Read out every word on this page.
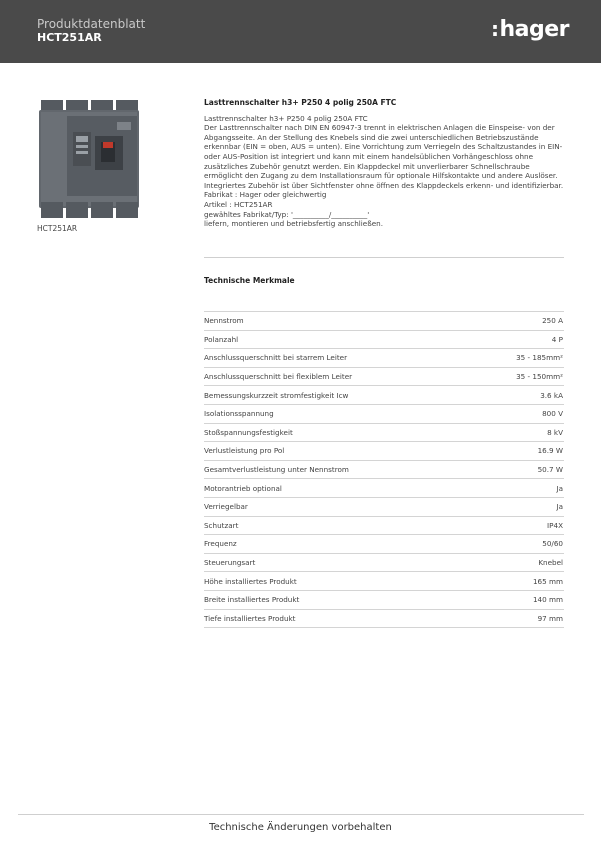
Produktdatenblatt
HCT251AR	:hager
HCT251AR

Lasttrennschalter h3+ P250 4 polig 250A FTC

Lasttrennschalter h3+ P250 4 polig 250A FTC

Der Lasttrennschalter nach DIN EN 60947-3 trennt in elektrischen Anlagen die Einspeise- von der Abgangsseite. An der Stellung des Knebels sind die zwei unterschiedlichen Betriebszustände erkennbar (EIN = oben, AUS = unten). Eine Vorrichtung zum Verriegeln des Schaltzustandes in EIN- oder AUS-Position ist integriert und kann mit einem handelsüblichen Vorhängeschloss ohne zusätzliches Zubehör genutzt werden. Ein Klappdeckel mit unverlierbarer Schnellschraube ermöglicht den Zugang zu dem Installationsraum für optionale Hilfskontakte und andere Auslöser. Integriertes Zubehör ist über Sichtfenster ohne öffnen des Klappdeckels erkenn- und identifizierbar.

Fabrikat : Hager oder gleichwertig

Artikel : HCT251AR

gewähltes Fabrikat/Typ: '__________/__________'

liefern, montieren und betriebsfertig anschließen.

Technische Merkmale
Nennstrom	250 A
Polanzahl	4 P
Anschlussquerschnitt bei starrem Leiter	35 - 185mm²
Anschlussquerschnitt bei flexiblem Leiter	35 - 150mm²
Bemessungskurzzeit stromfestigkeit Icw	3.6 kA
Isolationsspannung	800 V
Stoßspannungsfestigkeit	8 kV
Verlustleistung pro Pol	16.9 W
Gesamtverlustleistung unter Nennstrom	50.7 W
Motorantrieb optional	Ja
Verriegelbar	Ja
Schutzart	IP4X
Frequenz	50/60
Steuerungsart	Knebel
Höhe installiertes Produkt	165 mm
Breite installiertes Produkt	140 mm
Tiefe installiertes Produkt	97 mm
Technische Änderungen vorbehalten
